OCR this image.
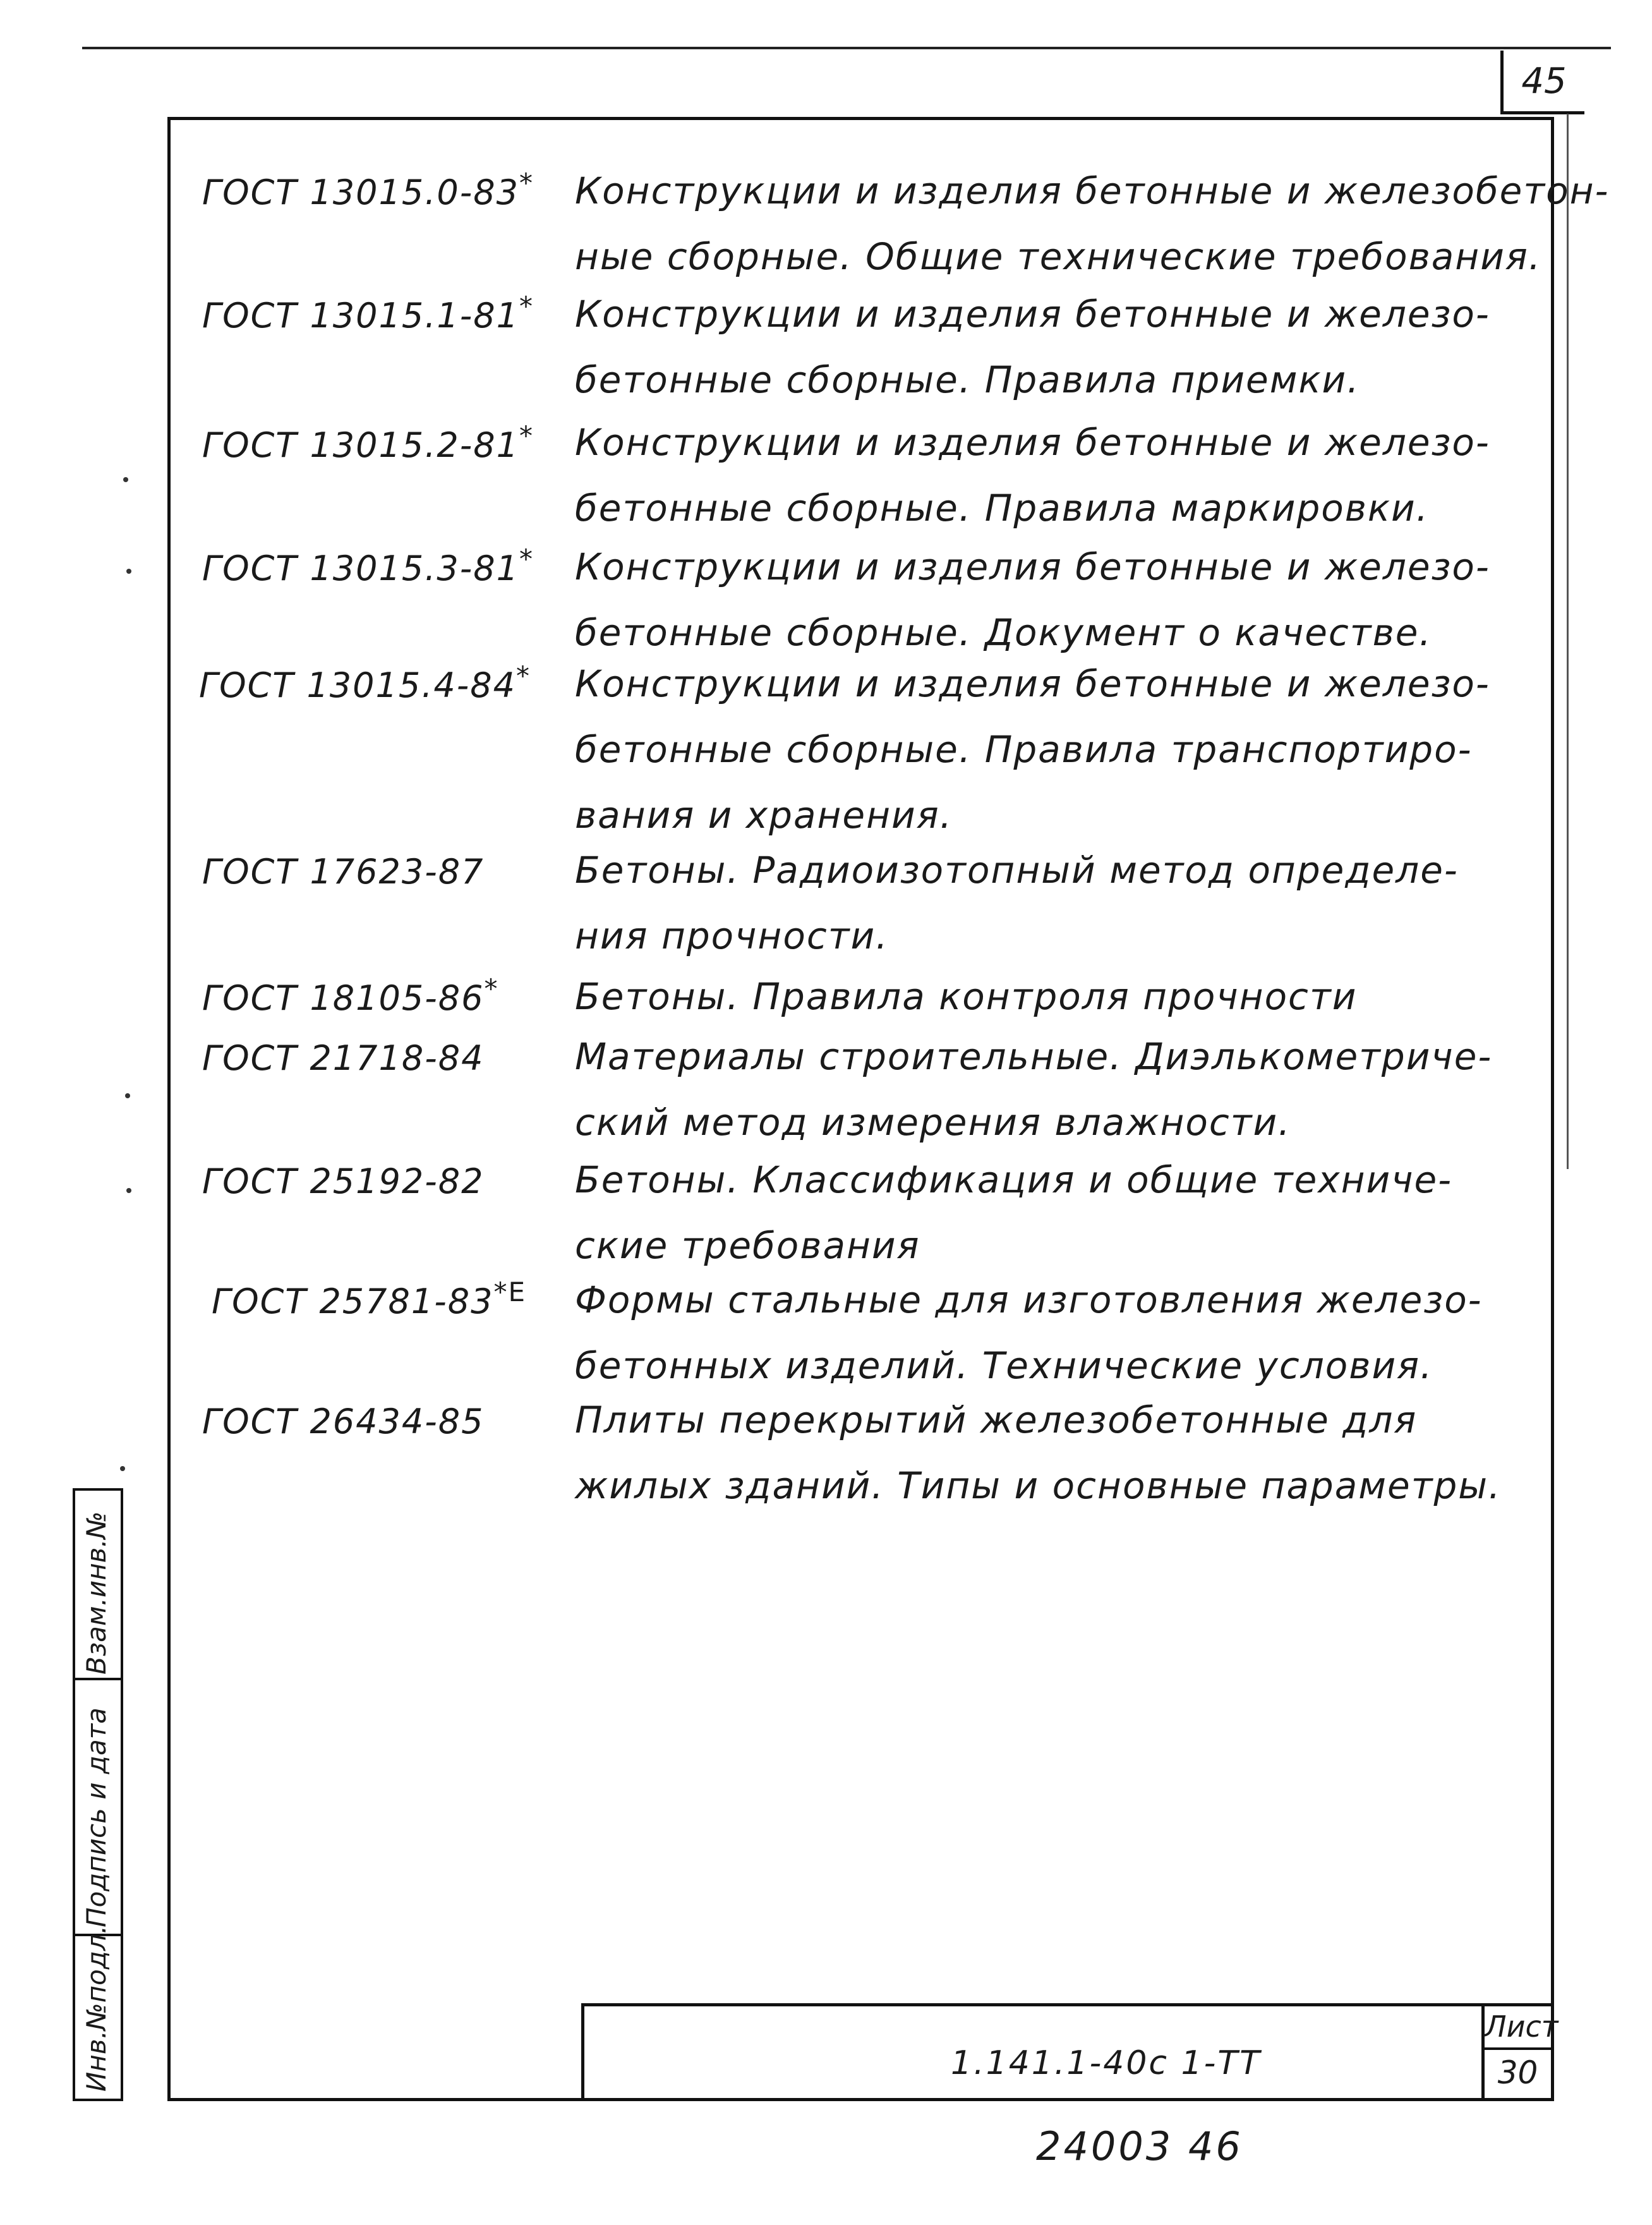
45
ГОСТ 13015.0-83* Конструкции и изделия бетонные и железобетон-
ные сборные. Общие технические требования.
ГОСТ 13015.1-81* Конструкции и изделия бетонные и железо-
бетонные сборные. Правила приемки.
ГОСТ 13015.2-81* Конструкции и изделия бетонные и железо-
бетонные сборные. Правила маркировки.
ГОСТ 13015.3-81* Конструкции и изделия бетонные и железо-
бетонные сборные. Документ о качестве.
ГОСТ 13015.4-84* Конструкции и изделия бетонные и железо-
бетонные сборные. Правила транспортиро-
вания и хранения.
ГОСТ 17623-87 Бетоны. Радиоизотопный метод определе-
ния прочности.
ГОСТ 18105-86* Бетоны. Правила контроля прочности
ГОСТ 21718-84 Материалы строительные. Диэлькометриче-
ский метод измерения влажности.
ГОСТ 25192-82 Бетоны. Классификация и общие техниче-
ские требования
ГОСТ $25781-83^{*E}$ Формы стальные для изготовления железо-
бетонных изделий. Технические условия.
ГОСТ 26434-85 Плиты перекрытий железобетонные для
жилых зданий. Типы и основные параметры.
Взам.инв.№
Подпись и дата
Инв.№подл.	1.141.1-40с 1-ТТ
Лист
30
24003 46
